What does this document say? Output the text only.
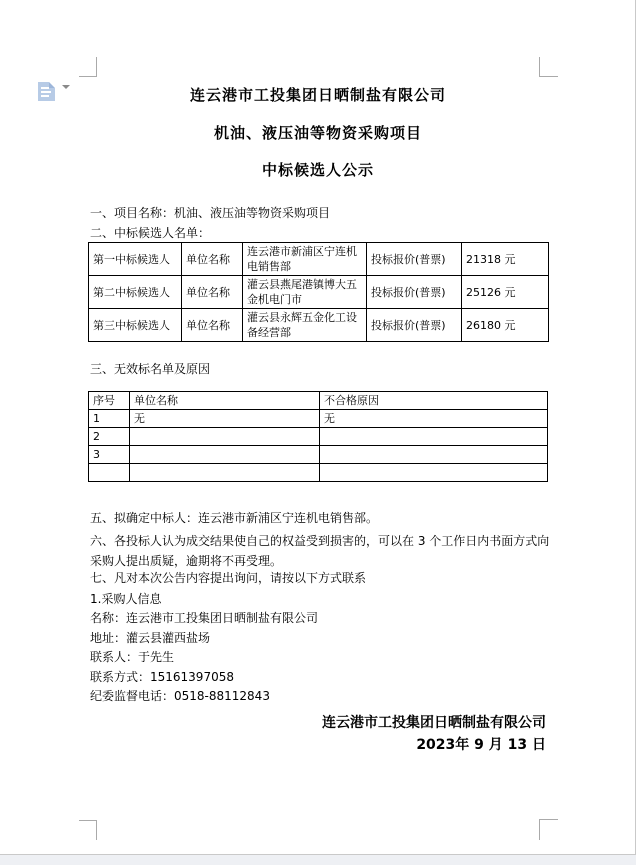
连云港市工投集团日晒制盐有限公司
机油、液压油等物资采购项目
中标候选人公示
一、项目名称：机油、液压油等物资采购项目
二、中标候选人名单：
第一中标候选人	单位名称	连云港市新浦区宁连机电销售部	投标报价(普票)	21318 元
第二中标候选人	单位名称	灌云县燕尾港镇博大五金机电门市	投标报价(普票)	25126 元
第三中标候选人	单位名称	灌云县永辉五金化工设备经营部	投标报价(普票)	26180 元
三、无效标名单及原因
序号	单位名称	不合格原因
1	无	无
2		
3		

五、拟确定中标人：连云港市新浦区宁连机电销售部。
六、各投标人认为成交结果使自己的权益受到损害的，可以在 3 个工作日内书面方式向采购人提出质疑，逾期将不再受理。
七、凡对本次公告内容提出询问，请按以下方式联系
1.采购人信息
名称：连云港市工投集团日晒制盐有限公司
地址：灌云县灌西盐场
联系人：于先生
联系方式：15161397058
纪委监督电话：0518-88112843
连云港市工投集团日晒制盐有限公司
2023年 9 月 13 日
